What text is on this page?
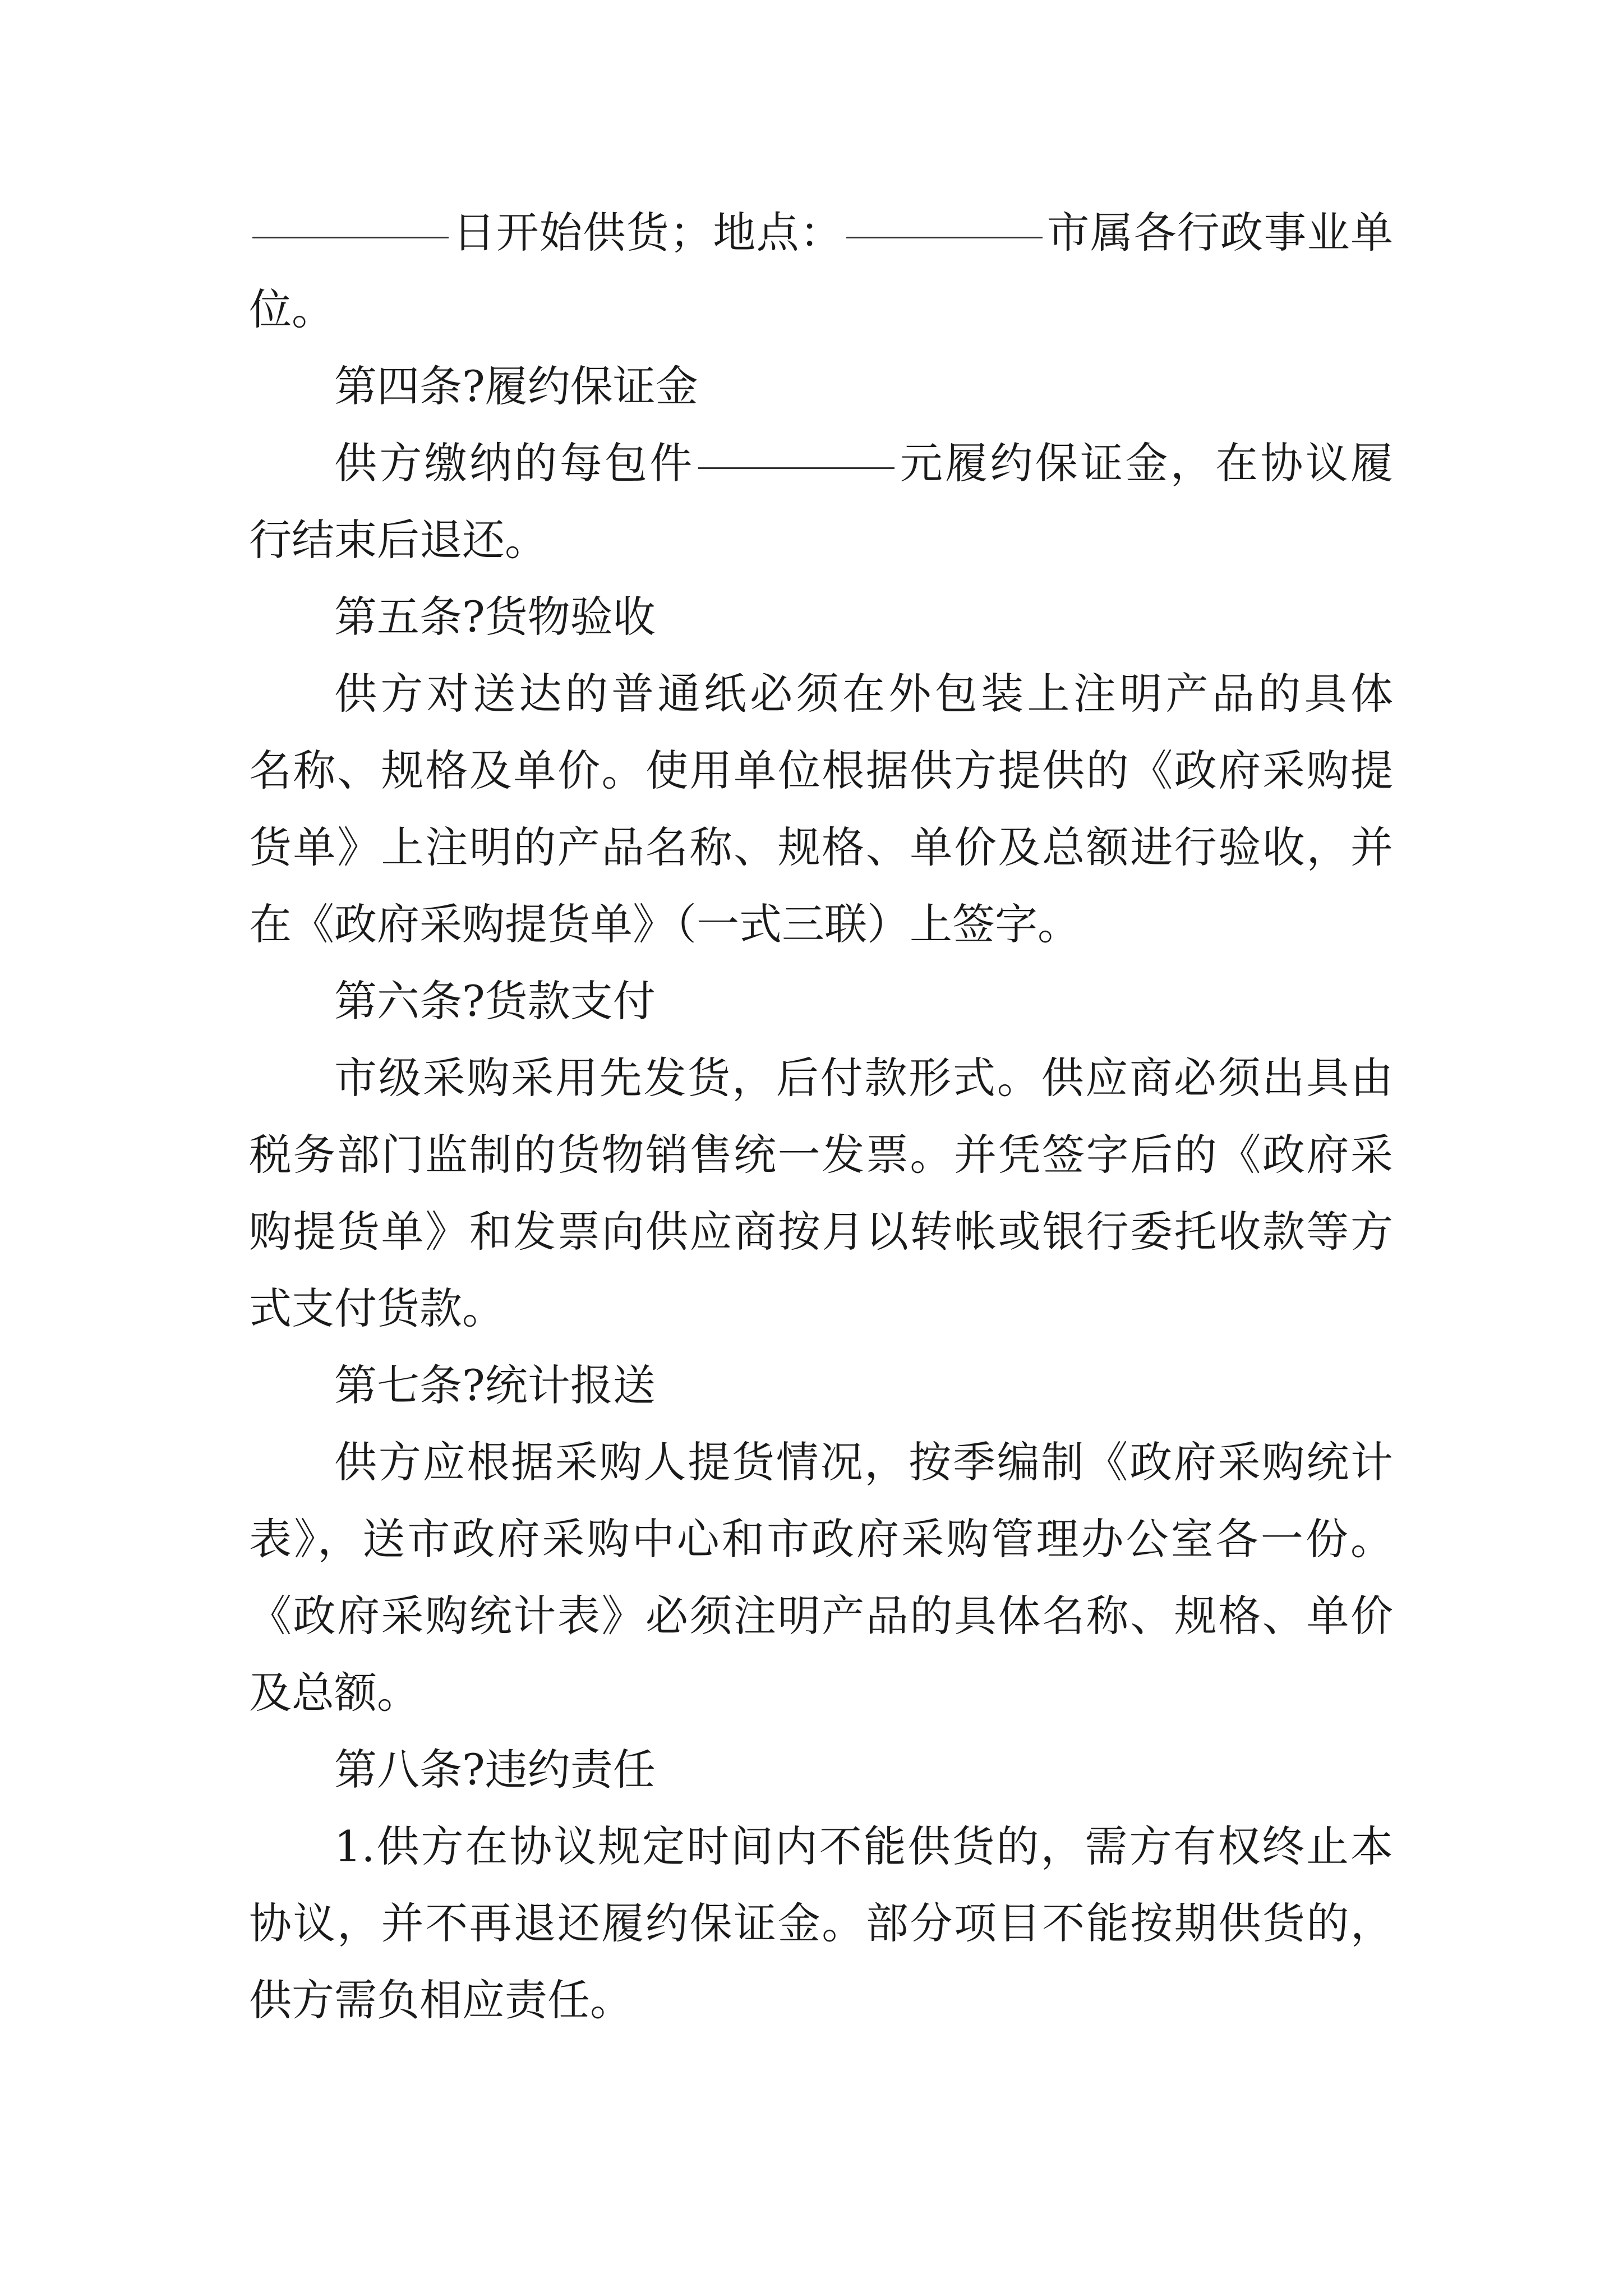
日开始供货；地点：	市属各行政事业单
位。
第四条?履约保证金
供方缴纳的每包件	元履约保证金，在协议履
行结束后退还。
第五条?货物验收
供方对送达的普通纸必须在外包装上注明产品的具体
名称、规格及单价。使用单位根据供方提供的《政府采购提
货单》上注明的产品名称、规格、单价及总额进行验收，并
在《政府采购提货单》（一式三联）上签字。
第六条?货款支付
市级采购采用先发货，后付款形式。供应商必须出具由
税务部门监制的货物销售统一发票。并凭签字后的《政府采
购提货单》和发票向供应商按月以转帐或银行委托收款等方
式支付货款。
第七条?统计报送
供方应根据采购人提货情况，按季编制《政府采购统计
表》，送市政府采购中心和市政府采购管理办公室各一份。
《政府采购统计表》必须注明产品的具体名称、规格、单价
及总额。
第八条?违约责任
1.供方在协议规定时间内不能供货的，需方有权终止本
协议，并不再退还履约保证金。部分项目不能按期供货的，
供方需负相应责任。
